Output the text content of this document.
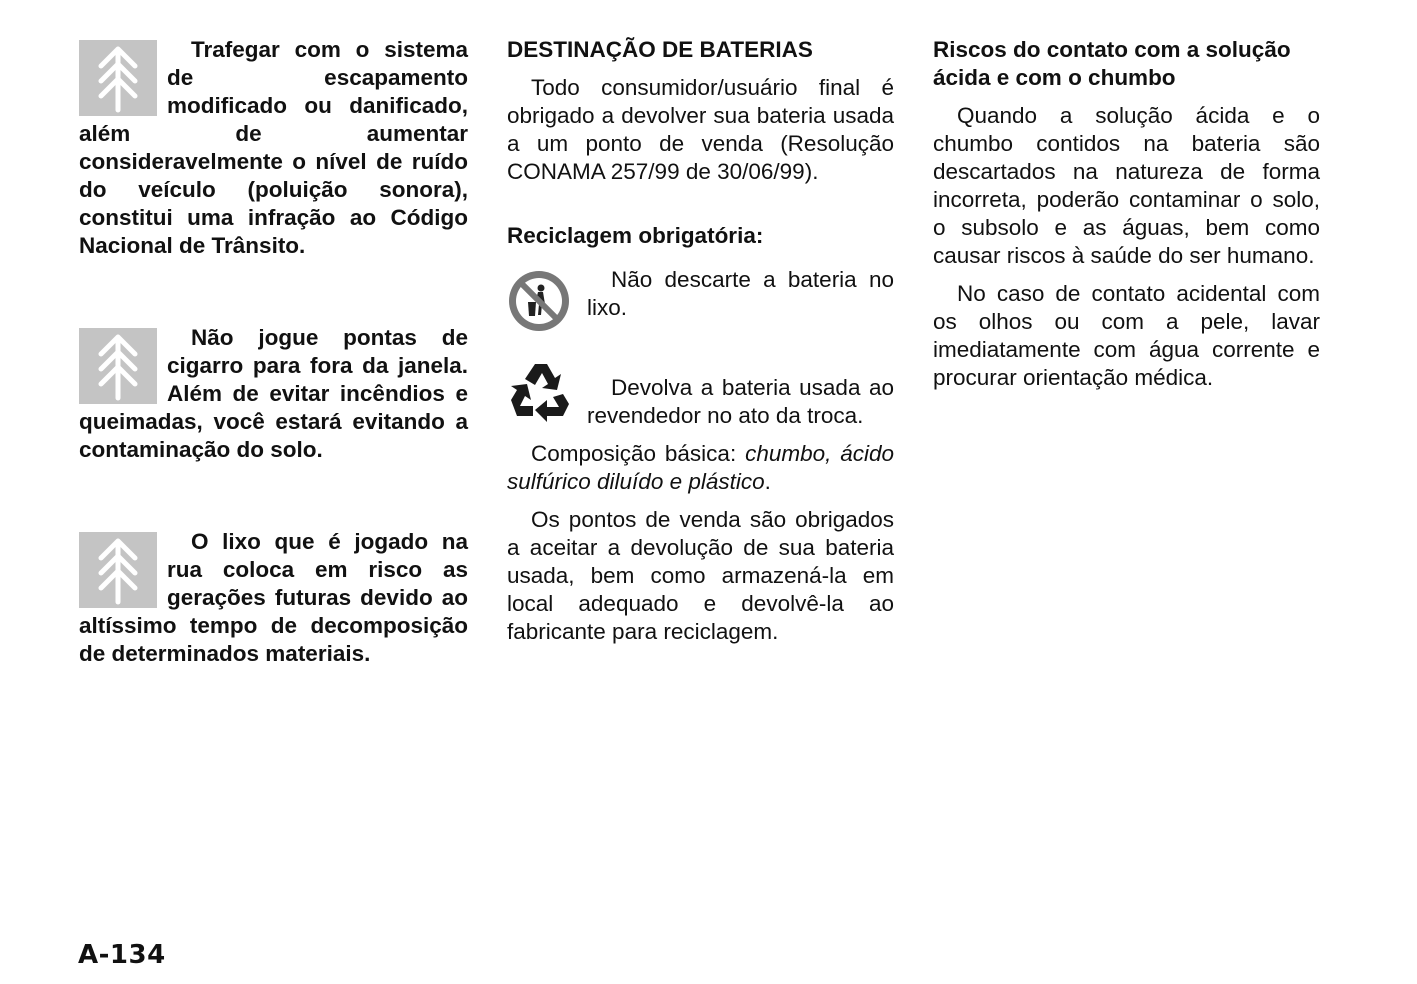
Trafegar com o sistema de escapamento modificado ou danificado, além de aumentar consideravelmente o nível de ruído do veículo (poluição sonora), constitui uma infração ao Código Nacional de Trânsito.

Não jogue pontas de cigarro para fora da janela. Além de evitar incêndios e queimadas, você estará evitando a contaminação do solo.

O lixo que é jogado na rua coloca em risco as gerações futuras devido ao altíssimo tempo de decomposição de determinados materiais.

DESTINAÇÃO DE BATERIAS

Todo consumidor/usuário final é obrigado a devolver sua bateria usada a um ponto de venda (Resolução CONAMA 257/99 de 30/06/99).

Reciclagem obrigatória:

Não descarte a bateria no lixo.

Devolva a bateria usada ao revendedor no ato da troca.

Composição básica: chumbo, ácido sulfúrico diluído e plástico.

Os pontos de venda são obrigados a aceitar a devolução de sua bateria usada, bem como armazená-la em local adequado e devolvê-la ao fabricante para reciclagem.

Riscos do contato com a solução ácida e com o chumbo

Quando a solução ácida e o chumbo contidos na bateria são descartados na natureza de forma incorreta, poderão contaminar o solo, o subsolo e as águas, bem como causar riscos à saúde do ser humano.

No caso de contato acidental com os olhos ou com a pele, lavar imediatamente com água corrente e procurar orientação médica.

A-134
